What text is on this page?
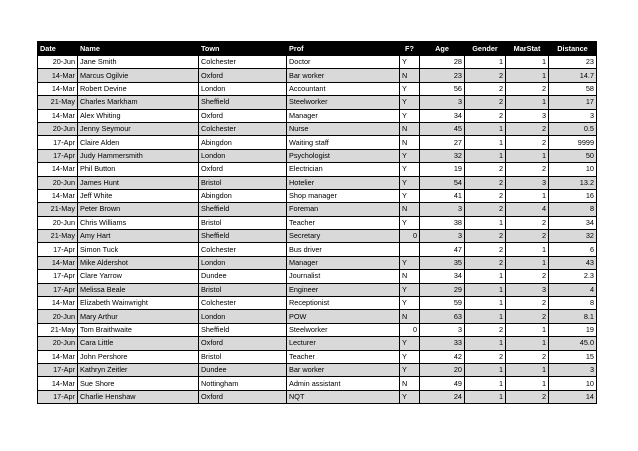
Date	Name	Town	Prof	F?	Age	Gender	MarStat	Distance
20-Jun	Jane Smith	Colchester	Doctor	Y	28	1	1	23
14-Mar	Marcus Ogilvie	Oxford	Bar worker	N	23	2	1	14.7
14-Mar	Robert Devine	London	Accountant	Y	56	2	2	58
21-May	Charles Markham	Sheffield	Steelworker	Y	3	2	1	17
14-Mar	Alex Whiting	Oxford	Manager	Y	34	2	3	3
20-Jun	Jenny Seymour	Colchester	Nurse	N	45	1	2	0.5
17-Apr	Claire Alden	Abingdon	Waiting staff	N	27	1	2	9999
17-Apr	Judy Hammersmith	London	Psychologist	Y	32	1	1	50
14-Mar	Phil Button	Oxford	Electrician	Y	19	2	2	10
20-Jun	James Hunt	Bristol	Hotelier	Y	54	2	3	13.2
14-Mar	Jeff White	Abingdon	Shop manager	Y	41	2	1	16
21-May	Peter Brown	Sheffield	Foreman	N	3	2	4	8
20-Jun	Chris Williams	Bristol	Teacher	Y	38	1	2	34
21-May	Amy Hart	Sheffield	Secretary	0	3	2	2	32
17-Apr	Simon Tuck	Colchester	Bus driver		47	2	1	6
14-Mar	Mike Aldershot	London	Manager	Y	35	2	1	43
17-Apr	Clare Yarrow	Dundee	Journalist	N	34	1	2	2.3
17-Apr	Melissa Beale	Bristol	Engineer	Y	29	1	3	4
14-Mar	Elizabeth Wainwright	Colchester	Receptionist	Y	59	1	2	8
20-Jun	Mary Arthur	London	POW	N	63	1	2	8.1
21-May	Tom Braithwaite	Sheffield	Steelworker	0	3	2	1	19
20-Jun	Cara Little	Oxford	Lecturer	Y	33	1	1	45.0
14-Mar	John Pershore	Bristol	Teacher	Y	42	2	2	15
17-Apr	Kathryn Zeitler	Dundee	Bar worker	Y	20	1	1	3
14-Mar	Sue Shore	Nottingham	Admin assistant	N	49	1	1	10
17-Apr	Charlie Henshaw	Oxford	NQT	Y	24	1	2	14
